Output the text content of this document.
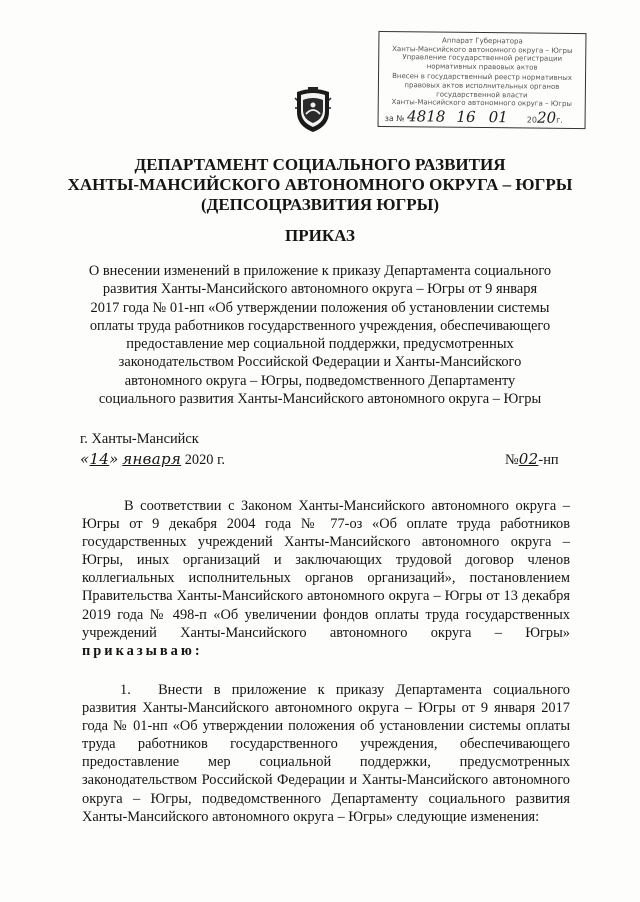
Аппарат Губернатора
Ханты-Мансийского автономного округа – Югры
Управление государственной регистрации
нормативных правовых актов
Внесен в государственный реестр нормативных
правовых актов исполнительных органов
государственной власти
Ханты-Мансийского автономного округа – Югры
за № 4818 16 01 2020г.
ДЕПАРТАМЕНТ СОЦИАЛЬНОГО РАЗВИТИЯ
ХАНТЫ-МАНСИЙСКОГО АВТОНОМНОГО ОКРУГА – ЮГРЫ
(ДЕПСОЦРАЗВИТИЯ ЮГРЫ)
ПРИКАЗ
О внесении изменений в приложение к приказу Департамента социального
развития Ханты-Мансийского автономного округа – Югры от 9 января
2017 года № 01-нп «Об утверждении положения об установлении системы
оплаты труда работников государственного учреждения, обеспечивающего
предоставление мер социальной поддержки, предусмотренных
законодательством Российской Федерации и Ханты-Мансийского
автономного округа – Югры, подведомственного Департаменту
социального развития Ханты-Мансийского автономного округа – Югры
г. Ханты-Мансийск
«14» января 2020 г.	№02-нп
В соответствии с Законом Ханты-Мансийского автономного округа – Югры от 9 декабря 2004 года № 77-оз «Об оплате труда работников государственных учреждений Ханты-Мансийского автономного округа – Югры, иных организаций и заключающих трудовой договор членов коллегиальных исполнительных органов организаций», постановлением Правительства Ханты-Мансийского автономного округа – Югры от 13 декабря 2019 года № 498-п «Об увеличении фондов оплаты труда государственных учреждений Ханты-Мансийского автономного округа – Югры» приказываю:
1. Внести в приложение к приказу Департамента социального развития Ханты-Мансийского автономного округа – Югры от 9 января 2017 года № 01-нп «Об утверждении положения об установлении системы оплаты труда работников государственного учреждения, обеспечивающего предоставление мер социальной поддержки, предусмотренных законодательством Российской Федерации и Ханты-Мансийского автономного округа – Югры, подведомственного Департаменту социального развития Ханты-Мансийского автономного округа – Югры» следующие изменения:
